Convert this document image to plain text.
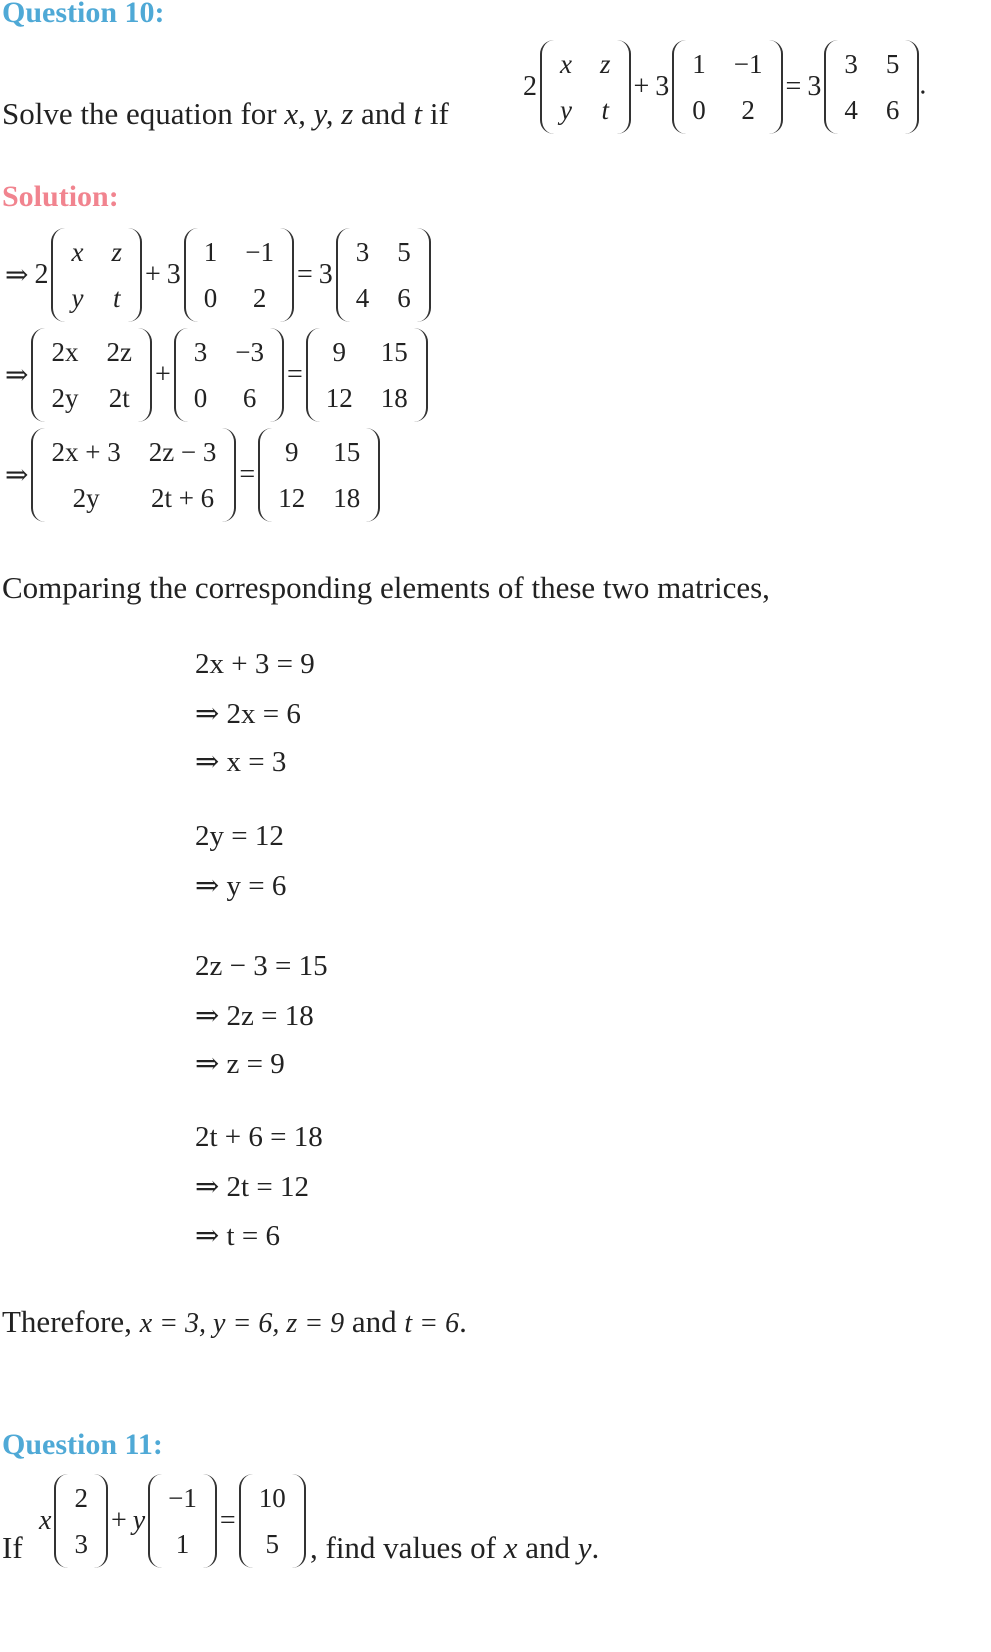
Question 10:
Solve the equation for x, y, z and t if
2
x z
y t
+ 3
1 −1
0 2
= 3
3 5
4 6
.
Solution:
⇒ 2
x z
y t
+ 3
1 −1
0 2
= 3
3 5
4 6
⇒
2x 2z
2y 2t
+
3 −3
0 6
=
9 15
12 18
⇒
2x + 3 2z − 3
2y	2t + 6
=
9 15
12 18
Comparing the corresponding elements of these two matrices,
2x + 3 = 9
⇒ 2x = 6
⇒ x = 3
2y = 12
⇒ y = 6
2z − 3 = 15
⇒ 2z = 18
⇒ z = 9
2t + 6 = 18
⇒ 2t = 12
⇒ t = 6
Therefore, x = 3, y = 6, z = 9 and t = 6.
Question 11:
If
x
2
3
+ y
−1
1
=
10
5 , find values of x and y.
